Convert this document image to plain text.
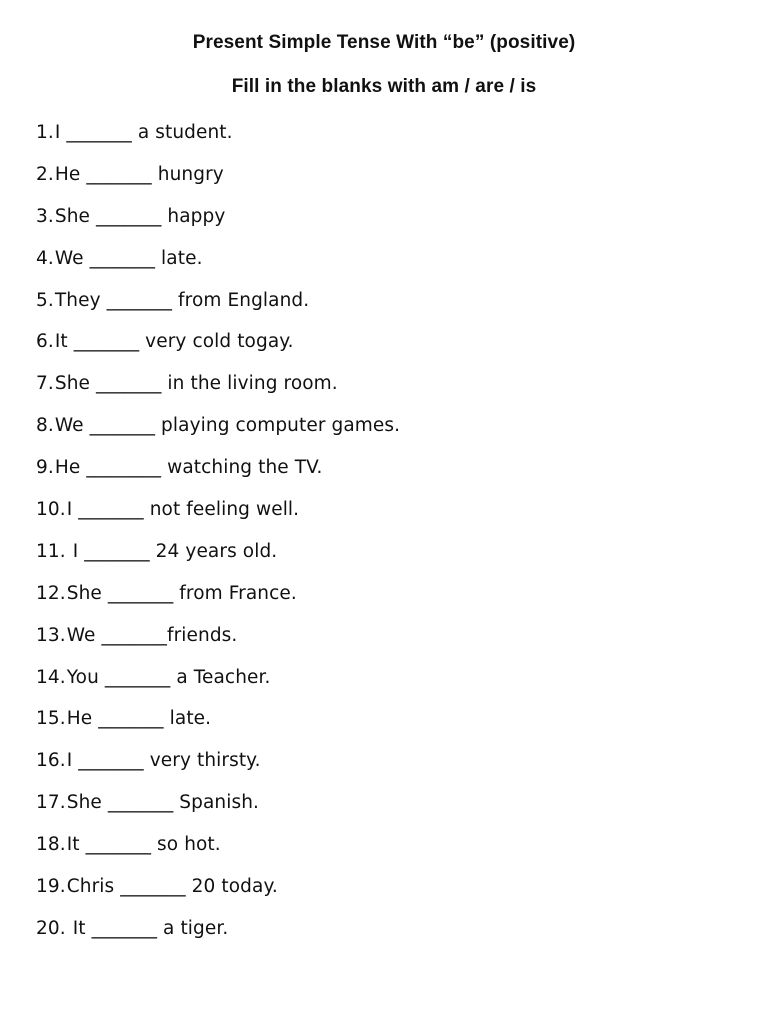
Present Simple Tense With “be” (positive)
Fill in the blanks with am / are / is
1.I _______ a student.
2.He _______ hungry
3.She _______ happy
4.We _______ late.
5.They _______ from England.
6.It _______ very cold togay.
7.She _______ in the living room.
8.We _______ playing computer games.
9.He ________ watching the TV.
10.I _______ not feeling well.
11. I _______ 24 years old.
12.She _______ from France.
13.We _______friends.
14.You _______ a Teacher.
15.He _______ late.
16.I _______ very thirsty.
17.She _______ Spanish.
18.It _______ so hot.
19.Chris _______ 20 today.
20. It _______ a tiger.
